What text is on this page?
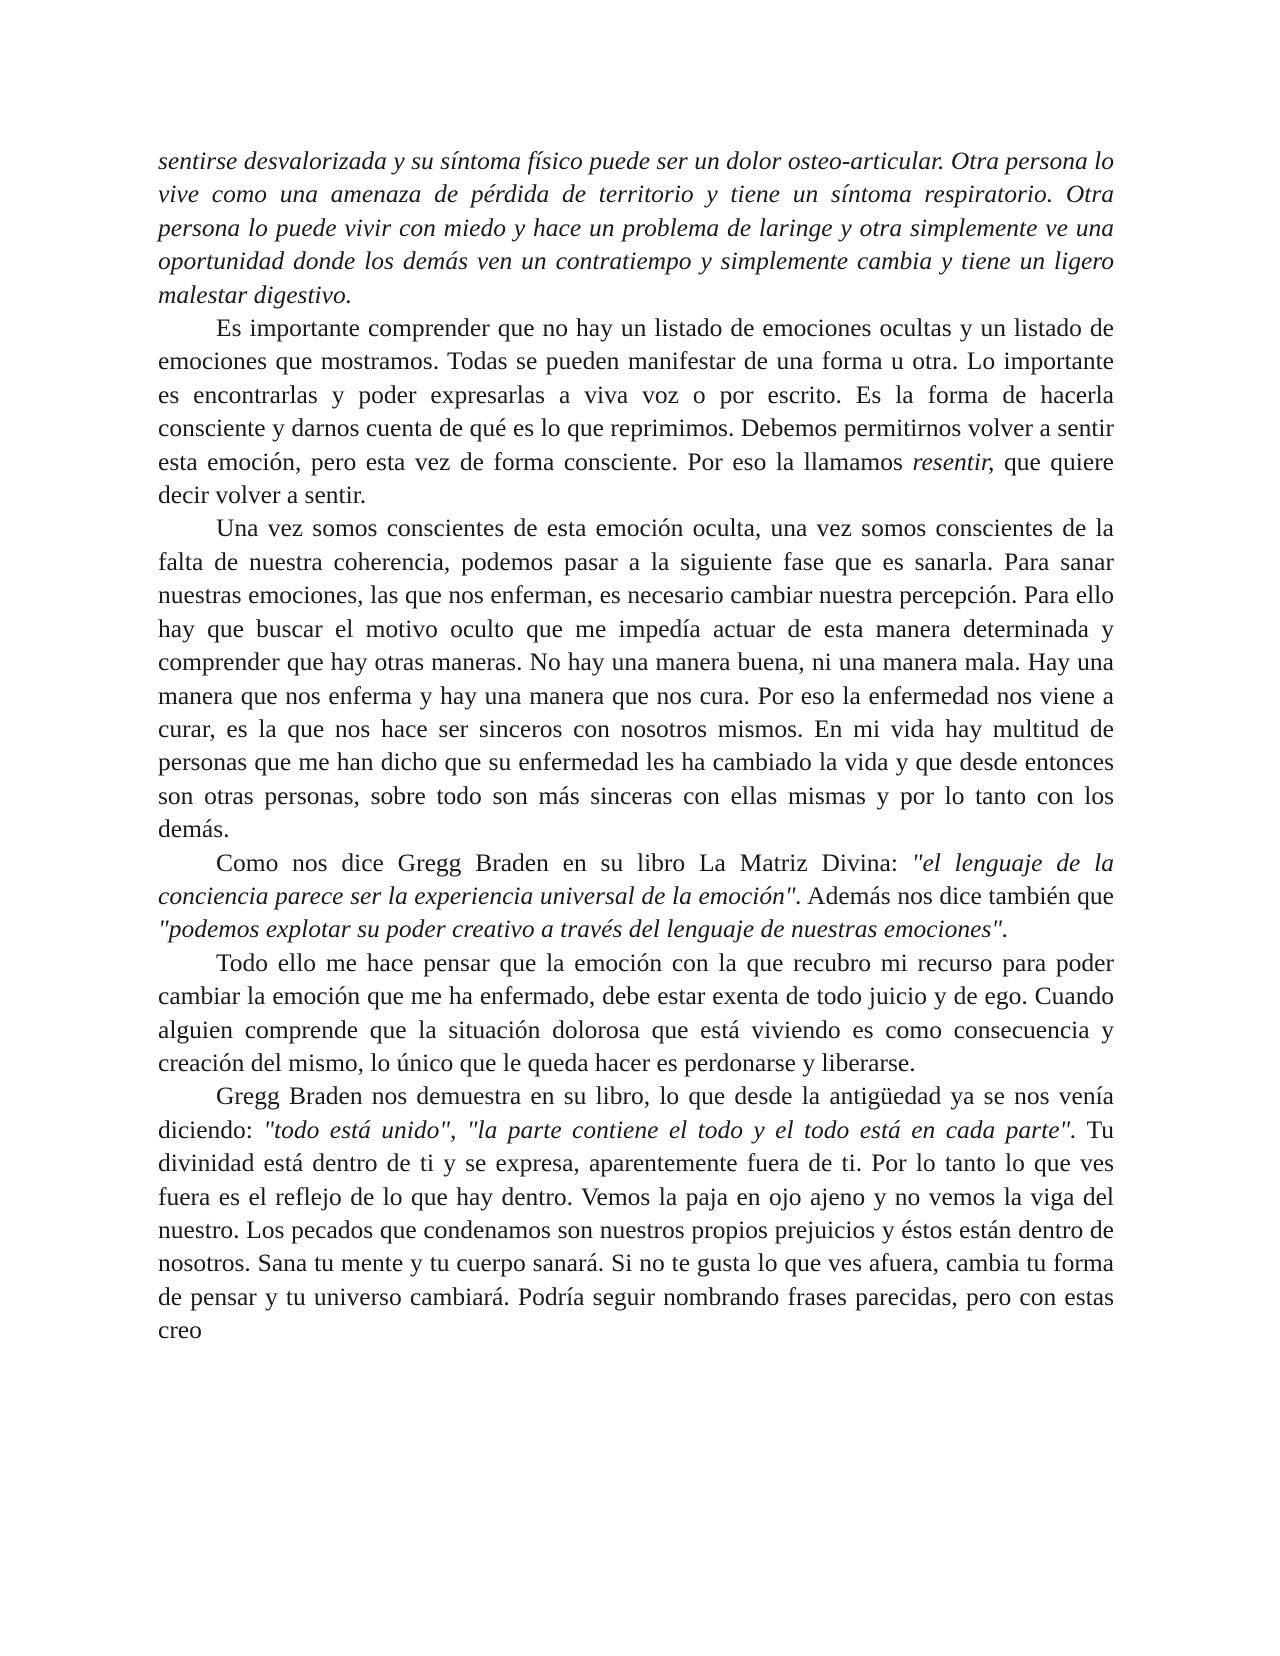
sentirse desvalorizada y su síntoma físico puede ser un dolor osteo-articular. Otra persona lo vive como una amenaza de pérdida de territorio y tiene un síntoma respiratorio. Otra persona lo puede vivir con miedo y hace un problema de laringe y otra simplemente ve una oportunidad donde los demás ven un contratiempo y simplemente cambia y tiene un ligero malestar digestivo.

Es importante comprender que no hay un listado de emociones ocultas y un listado de emociones que mostramos. Todas se pueden manifestar de una forma u otra. Lo importante es encontrarlas y poder expresarlas a viva voz o por escrito. Es la forma de hacerla consciente y darnos cuenta de qué es lo que reprimimos. Debemos permitirnos volver a sentir esta emoción, pero esta vez de forma consciente. Por eso la llamamos resentir, que quiere decir volver a sentir.

Una vez somos conscientes de esta emoción oculta, una vez somos conscientes de la falta de nuestra coherencia, podemos pasar a la siguiente fase que es sanarla. Para sanar nuestras emociones, las que nos enferman, es necesario cambiar nuestra percepción. Para ello hay que buscar el motivo oculto que me impedía actuar de esta manera determinada y comprender que hay otras maneras. No hay una manera buena, ni una manera mala. Hay una manera que nos enferma y hay una manera que nos cura. Por eso la enfermedad nos viene a curar, es la que nos hace ser sinceros con nosotros mismos. En mi vida hay multitud de personas que me han dicho que su enfermedad les ha cambiado la vida y que desde entonces son otras personas, sobre todo son más sinceras con ellas mismas y por lo tanto con los demás.

Como nos dice Gregg Braden en su libro La Matriz Divina: "el lenguaje de la conciencia parece ser la experiencia universal de la emoción". Además nos dice también que "podemos explotar su poder creativo a través del lenguaje de nuestras emociones".

Todo ello me hace pensar que la emoción con la que recubro mi recurso para poder cambiar la emoción que me ha enfermado, debe estar exenta de todo juicio y de ego. Cuando alguien comprende que la situación dolorosa que está viviendo es como consecuencia y creación del mismo, lo único que le queda hacer es perdonarse y liberarse.

Gregg Braden nos demuestra en su libro, lo que desde la antigüedad ya se nos venía diciendo: "todo está unido", "la parte contiene el todo y el todo está en cada parte". Tu divinidad está dentro de ti y se expresa, aparentemente fuera de ti. Por lo tanto lo que ves fuera es el reflejo de lo que hay dentro. Vemos la paja en ojo ajeno y no vemos la viga del nuestro. Los pecados que condenamos son nuestros propios prejuicios y éstos están dentro de nosotros. Sana tu mente y tu cuerpo sanará. Si no te gusta lo que ves afuera, cambia tu forma de pensar y tu universo cambiará. Podría seguir nombrando frases parecidas, pero con estas creo
